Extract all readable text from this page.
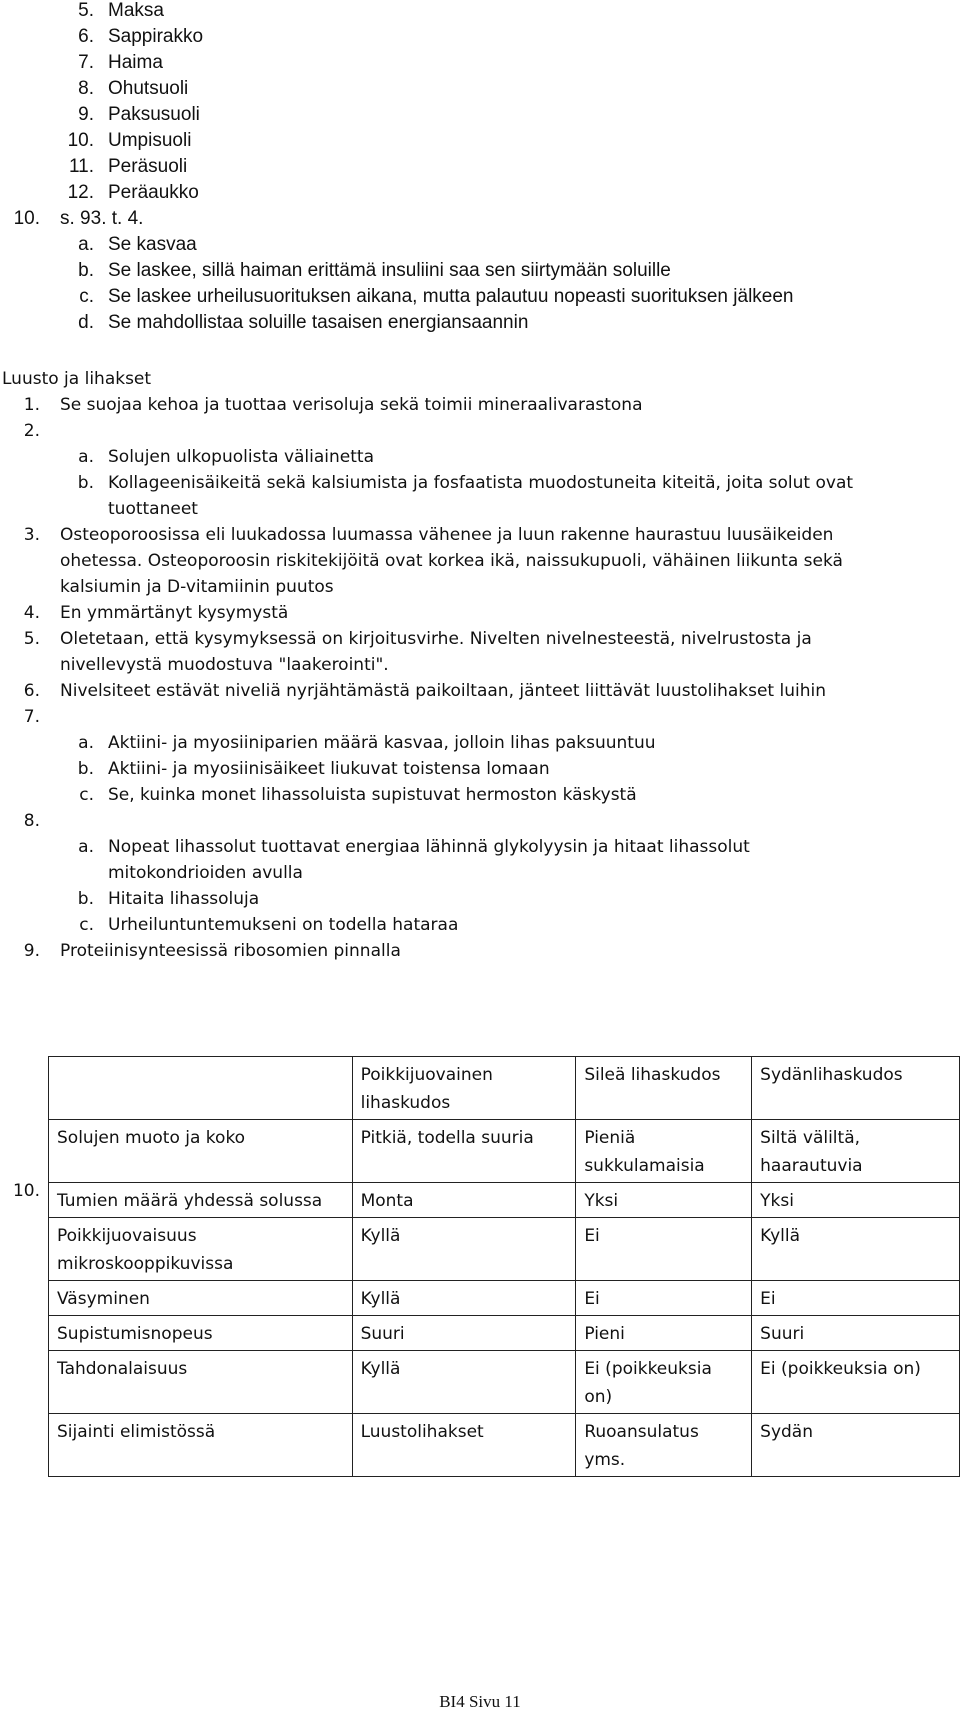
5. Maksa
6. Sappirakko
7. Haima
8. Ohutsuoli
9. Paksusuoli
10. Umpisuoli
11. Peräsuoli
12. Peräaukko
10. s. 93. t. 4.
a. Se kasvaa
b. Se laskee, sillä haiman erittämä insuliini saa sen siirtymään soluille
c. Se laskee urheilusuorituksen aikana, mutta palautuu nopeasti suorituksen jälkeen
d. Se mahdollistaa soluille tasaisen energiansaannin
Luusto ja lihakset
1. Se suojaa kehoa ja tuottaa verisoluja sekä toimii mineraalivarastona
2.
a. Solujen ulkopuolista väliainetta
b. Kollageenisäikeitä sekä kalsiumista ja fosfaatista muodostuneita kiteitä, joita solut ovat
tuottaneet
3. Osteoporoosissa eli luukadossa luumassa vähenee ja luun rakenne haurastuu luusäikeiden
ohetessa. Osteoporoosin riskitekijöitä ovat korkea ikä, naissukupuoli, vähäinen liikunta sekä
kalsiumin ja D-vitamiinin puutos
4. En ymmärtänyt kysymystä
5. Oletetaan, että kysymyksessä on kirjoitusvirhe. Nivelten nivelnesteestä, nivelrustosta ja
nivellevystä muodostuva "laakerointi".
6. Nivelsiteet estävät niveliä nyrjähtämästä paikoiltaan, jänteet liittävät luustolihakset luihin
7.
a. Aktiini- ja myosiiniparien määrä kasvaa, jolloin lihas paksuuntuu
b. Aktiini- ja myosiinisäikeet liukuvat toistensa lomaan
c. Se, kuinka monet lihassoluista supistuvat hermoston käskystä
8.
a. Nopeat lihassolut tuottavat energiaa lähinnä glykolyysin ja hitaat lihassolut
mitokondrioiden avulla
b. Hitaita lihassoluja
c. Urheiluntuntemukseni on todella hataraa
9. Proteiinisynteesissä ribosomien pinnalla
10.
	Poikkijuovainen lihaskudos	Sileä lihaskudos	Sydänlihaskudos
Solujen muoto ja koko	Pitkiä, todella suuria	Pieniä sukkulamaisia	Siltä väliltä, haarautuvia
Tumien määrä yhdessä solussa	Monta	Yksi	Yksi
Poikkijuovaisuus mikroskooppikuvissa	Kyllä	Ei	Kyllä
Väsyminen	Kyllä	Ei	Ei
Supistumisnopeus	Suuri	Pieni	Suuri
Tahdonalaisuus	Kyllä	Ei (poikkeuksia on)	Ei (poikkeuksia on)
Sijainti elimistössä	Luustolihakset	Ruoansulatus yms.	Sydän
BI4 Sivu 11
